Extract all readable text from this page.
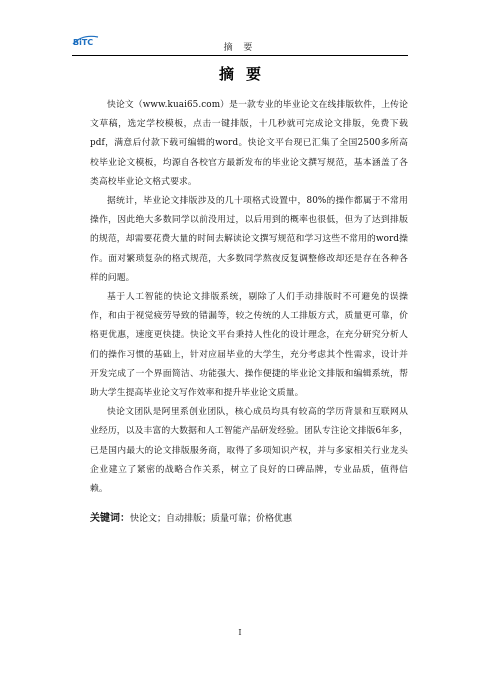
BiTC
摘 要
摘要

快论文（www.kuai65.com）是一款专业的毕业论文在线排版软件，上传论文草稿，选定学校模板，点击一键排版，十几秒就可完成论文排版，免费下载pdf，满意后付款下载可编辑的word。快论文平台现已汇集了全国2500多所高校毕业论文模板，均源自各校官方最新发布的毕业论文撰写规范，基本涵盖了各类高校毕业论文格式要求。

据统计，毕业论文排版涉及的几十项格式设置中，80%的操作都属于不常用操作，因此绝大多数同学以前没用过，以后用到的概率也很低，但为了达到排版的规范，却需要花费大量的时间去解读论文撰写规范和学习这些不常用的word操作。面对繁琐复杂的格式规范，大多数同学熬夜反复调整修改却还是存在各种各样的问题。

基于人工智能的快论文排版系统，剔除了人们手动排版时不可避免的误操作，和由于视觉疲劳导致的错漏等，较之传统的人工排版方式，质量更可靠，价格更优惠，速度更快捷。快论文平台秉持人性化的设计理念，在充分研究分析人们的操作习惯的基础上，针对应届毕业的大学生，充分考虑其个性需求，设计并开发完成了一个界面简洁、功能强大、操作便捷的毕业论文排版和编辑系统，帮助大学生提高毕业论文写作效率和提升毕业论文质量。

快论文团队是阿里系创业团队，核心成员均具有较高的学历背景和互联网从业经历，以及丰富的大数据和人工智能产品研发经验。团队专注论文排版6年多，已是国内最大的论文排版服务商，取得了多项知识产权，并与多家相关行业龙头企业建立了紧密的战略合作关系，树立了良好的口碑品牌，专业品质，值得信赖。

关键词：快论文；自动排版；质量可靠；价格优惠
I
